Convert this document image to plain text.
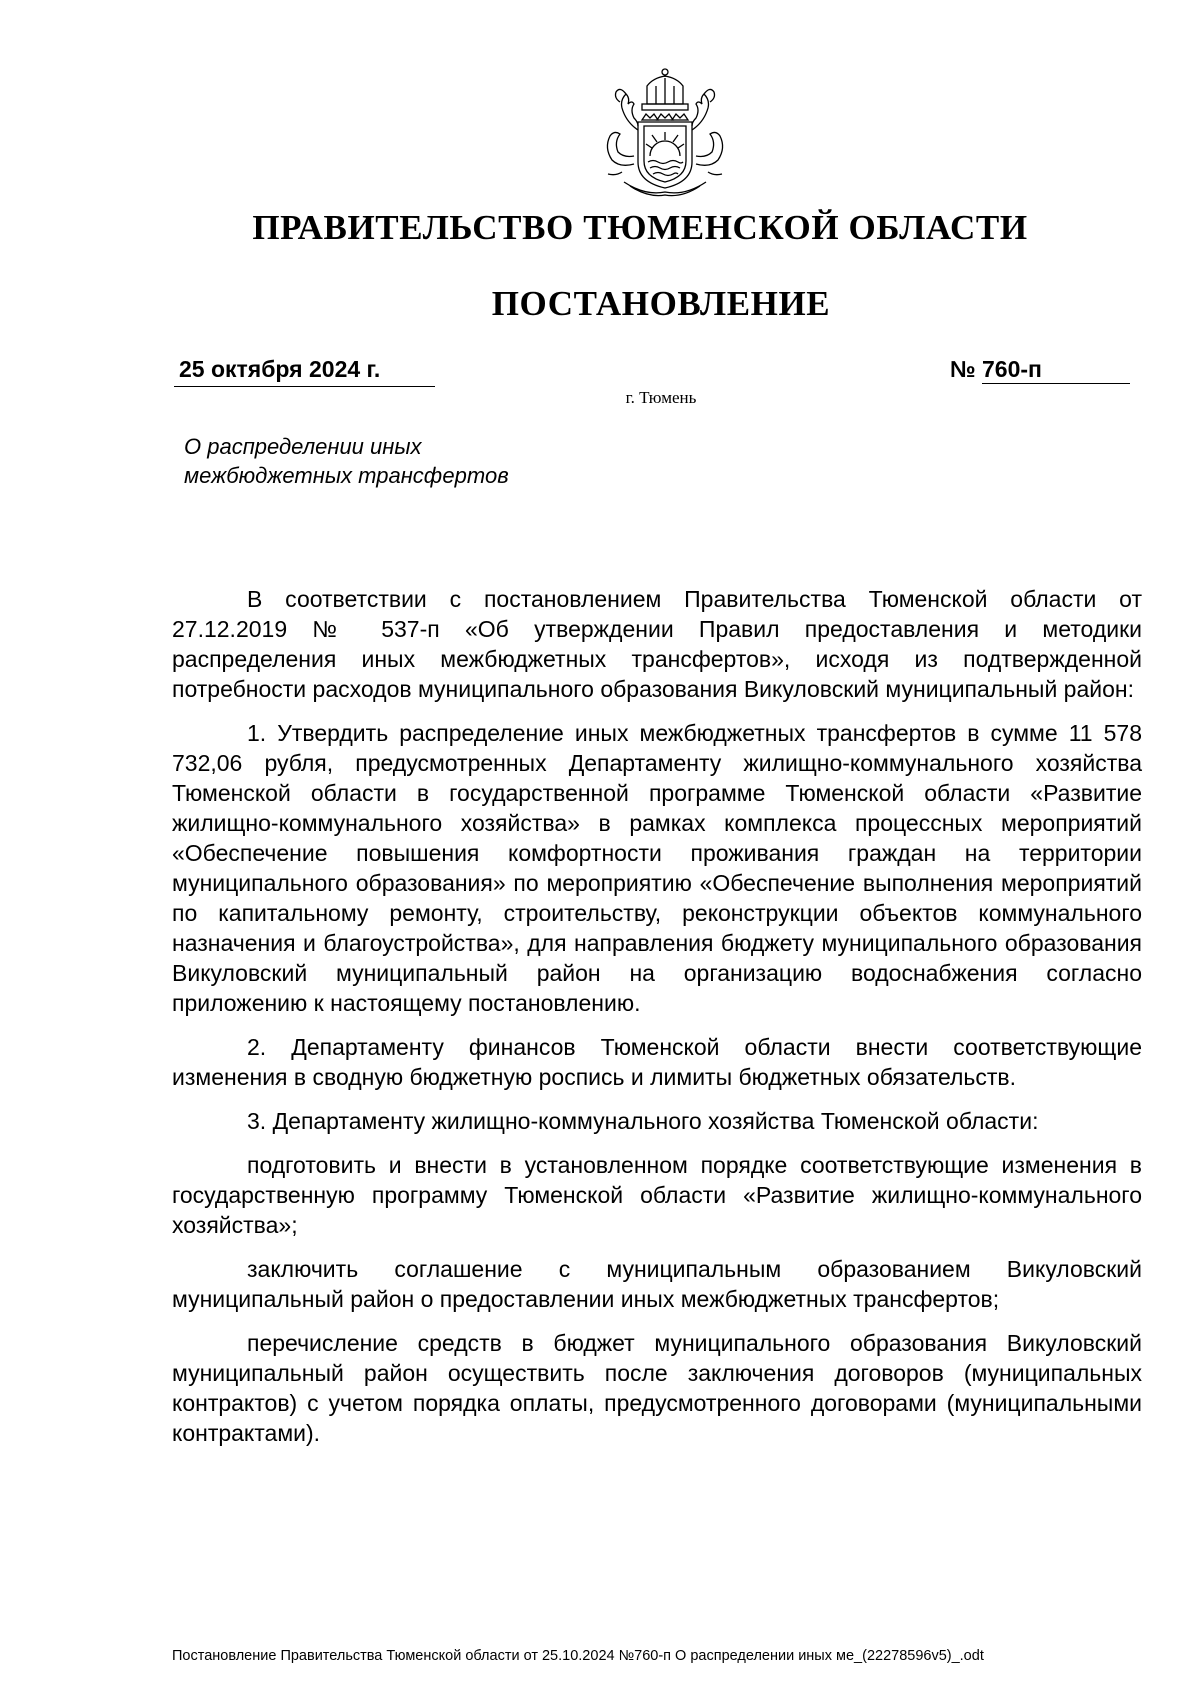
ПРАВИТЕЛЬСТВО ТЮМЕНСКОЙ ОБЛАСТИ
ПОСТАНОВЛЕНИЕ
25 октября 2024 г.	№ 760-п
г. Тюмень
О распределении иных
межбюджетных трансфертов

В соответствии с постановлением Правительства Тюменской области от 27.12.2019 № 537-п «Об утверждении Правил предоставления и методики распределения иных межбюджетных трансфертов», исходя из подтвержденной потребности расходов муниципального образования Викуловский муниципальный район:

1. Утвердить распределение иных межбюджетных трансфертов в сумме 11 578 732,06 рубля, предусмотренных Департаменту жилищно-коммунального хозяйства Тюменской области в государственной программе Тюменской области «Развитие жилищно-коммунального хозяйства» в рамках комплекса процессных мероприятий «Обеспечение повышения комфортности проживания граждан на территории муниципального образования» по мероприятию «Обеспечение выполнения мероприятий по капитальному ремонту, строительству, реконструкции объектов коммунального назначения и благоустройства», для направления бюджету муниципального образования Викуловский муниципальный район на организацию водоснабжения согласно приложению к настоящему постановлению.

2. Департаменту финансов Тюменской области внести соответствующие изменения в сводную бюджетную роспись и лимиты бюджетных обязательств.

3. Департаменту жилищно-коммунального хозяйства Тюменской области:

подготовить и внести в установленном порядке соответствующие изменения в государственную программу Тюменской области «Развитие жилищно-коммунального хозяйства»;

заключить соглашение с муниципальным образованием Викуловский муниципальный район о предоставлении иных межбюджетных трансфертов;

перечисление средств в бюджет муниципального образования Викуловский муниципальный район осуществить после заключения договоров (муниципальных контрактов) с учетом порядка оплаты, предусмотренного договорами (муниципальными контрактами).

Постановление Правительства Тюменской области от 25.10.2024 №760-п О распределении иных ме_(22278596v5)_.odt
